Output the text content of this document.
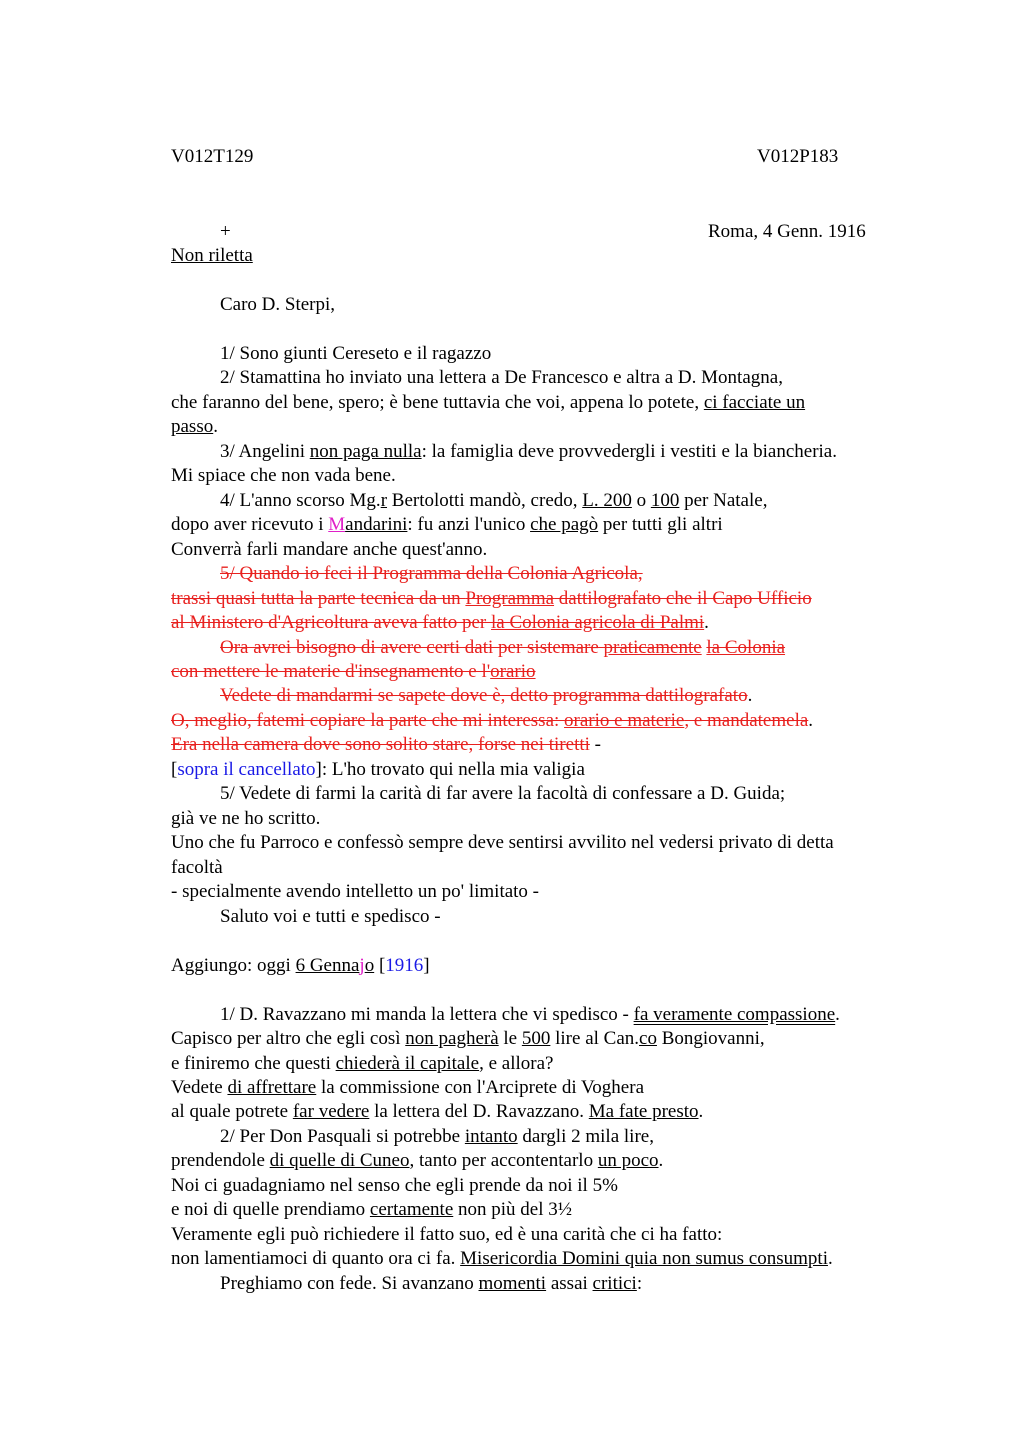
V012T129	V012P183
+	Roma, 4 Genn. 1916
Non riletta
Caro D. Sterpi,
1/ Sono giunti Cereseto e il ragazzo
2/ Stamattina ho inviato una lettera a De Francesco e altra a D. Montagna,
che faranno del bene, spero; è bene tuttavia che voi, appena lo potete, ci facciate un
passo.
3/ Angelini non paga nulla: la famiglia deve provvedergli i vestiti e la biancheria.
Mi spiace che non vada bene.
4/ L'anno scorso Mg.r Bertolotti mandò, credo, L. 200 o 100 per Natale,
dopo aver ricevuto i Mandarini: fu anzi l'unico che pagò per tutti gli altri
Converrà farli mandare anche quest'anno.
5/ Quando io feci il Programma della Colonia Agricola,
trassi quasi tutta la parte tecnica da un Programma dattilografato che il Capo Ufficio
al Ministero d'Agricoltura aveva fatto per la Colonia agricola di Palmi.
Ora avrei bisogno di avere certi dati per sistemare praticamente la Colonia
con mettere le materie d'insegnamento e l'orario
Vedete di mandarmi se sapete dove è, detto programma dattilografato.
O, meglio, fatemi copiare la parte che mi interessa: orario e materie, e mandatemela.
Era nella camera dove sono solito stare, forse nei tiretti -
[sopra il cancellato]: L'ho trovato qui nella mia valigia
5/ Vedete di farmi la carità di far avere la facoltà di confessare a D. Guida;
già ve ne ho scritto.
Uno che fu Parroco e confessò sempre deve sentirsi avvilito nel vedersi privato di detta
facoltà
- specialmente avendo intelletto un po' limitato -
Saluto voi e tutti e spedisco -
Aggiungo: oggi 6 Gennajo [1916]
1/ D. Ravazzano mi manda la lettera che vi spedisco - fa veramente compassione.
Capisco per altro che egli così non pagherà le 500 lire al Can.co Bongiovanni,
e finiremo che questi chiederà il capitale, e allora?
Vedete di affrettare la commissione con l'Arciprete di Voghera
al quale potrete far vedere la lettera del D. Ravazzano. Ma fate presto.
2/ Per Don Pasquali si potrebbe intanto dargli 2 mila lire,
prendendole di quelle di Cuneo, tanto per accontentarlo un poco.
Noi ci guadagniamo nel senso che egli prende da noi il 5%
e noi di quelle prendiamo certamente non più del 3½
Veramente egli può richiedere il fatto suo, ed è una carità che ci ha fatto:
non lamentiamoci di quanto ora ci fa. Misericordia Domini quia non sumus consumpti.
Preghiamo con fede. Si avanzano momenti assai critici:
